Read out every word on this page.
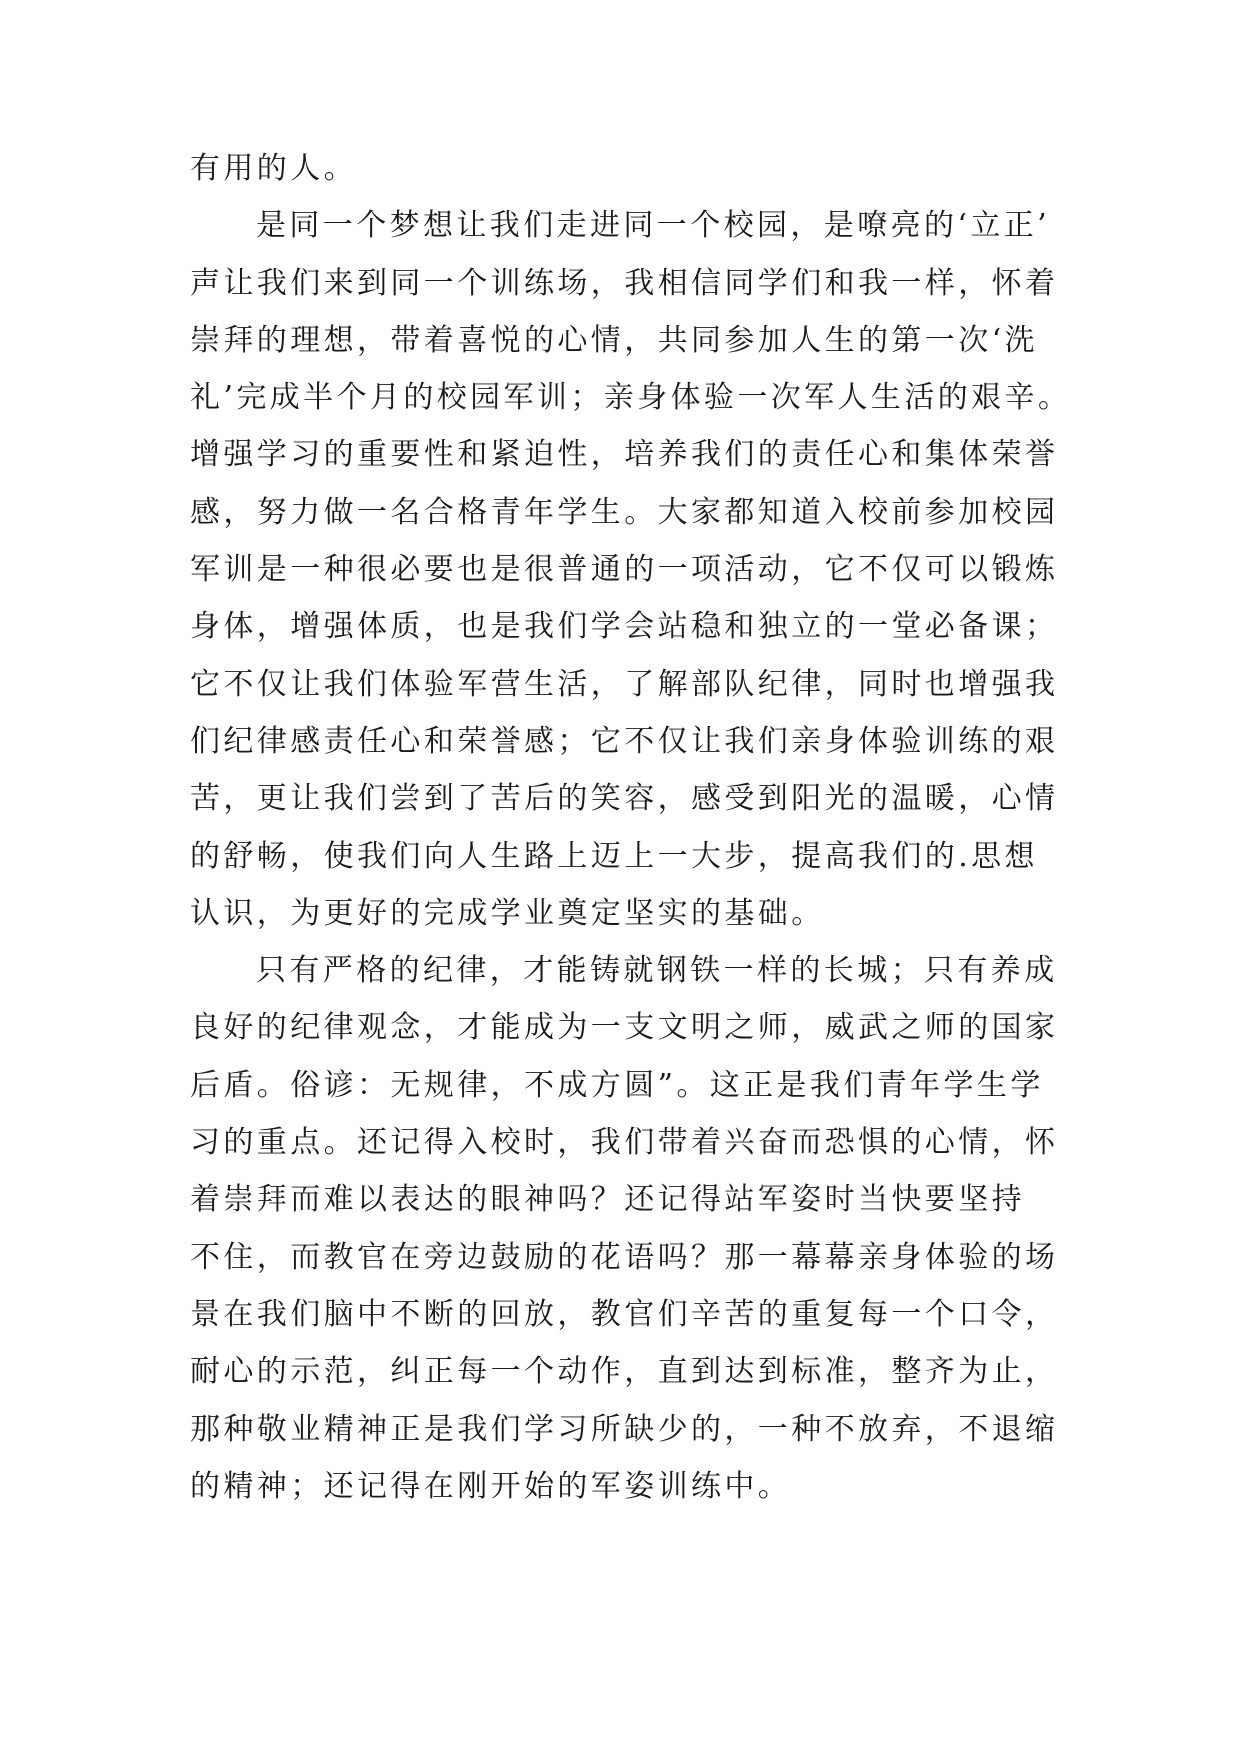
有用的人。
是同一个梦想让我们走进同一个校园，是嘹亮的‘立正’
声让我们来到同一个训练场，我相信同学们和我一样，怀着
崇拜的理想，带着喜悦的心情，共同参加人生的第一次‘洗
礼’完成半个月的校园军训；亲身体验一次军人生活的艰辛。
增强学习的重要性和紧迫性，培养我们的责任心和集体荣誉
感，努力做一名合格青年学生。大家都知道入校前参加校园
军训是一种很必要也是很普通的一项活动，它不仅可以锻炼
身体，增强体质，也是我们学会站稳和独立的一堂必备课；
它不仅让我们体验军营生活，了解部队纪律，同时也增强我
们纪律感责任心和荣誉感；它不仅让我们亲身体验训练的艰
苦，更让我们尝到了苦后的笑容，感受到阳光的温暖，心情
的舒畅，使我们向人生路上迈上一大步，提高我们的.思想
认识，为更好的完成学业奠定坚实的基础。
只有严格的纪律，才能铸就钢铁一样的长城；只有养成
良好的纪律观念，才能成为一支文明之师，威武之师的国家
后盾。俗谚：无规律，不成方圆”。这正是我们青年学生学
习的重点。还记得入校时，我们带着兴奋而恐惧的心情，怀
着崇拜而难以表达的眼神吗？还记得站军姿时当快要坚持
不住，而教官在旁边鼓励的花语吗？那一幕幕亲身体验的场
景在我们脑中不断的回放，教官们辛苦的重复每一个口令，
耐心的示范，纠正每一个动作，直到达到标准，整齐为止，
那种敬业精神正是我们学习所缺少的，一种不放弃，不退缩
的精神；还记得在刚开始的军姿训练中。
